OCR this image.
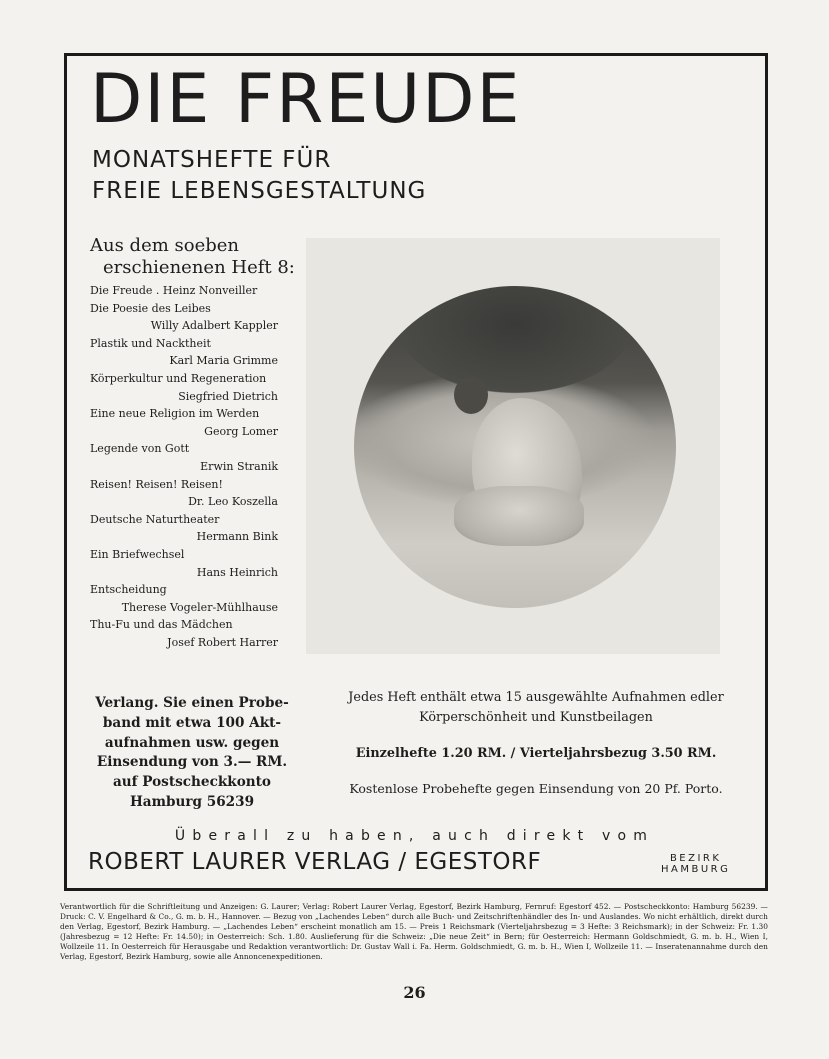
DIE FREUDE

MONATSHEFTE FÜR

FREIE LEBENSGESTALTUNG

Aus dem soeben
erschienenen Heft 8:
Die Freude . Heinz Nonveiller
Die Poesie des Leibes
Willy Adalbert Kappler
Plastik und Nacktheit
Karl Maria Grimme
Körperkultur und Regeneration
Siegfried Dietrich
Eine neue Religion im Werden
Georg Lomer
Legende von Gott
Erwin Stranik
Reisen! Reisen! Reisen!
Dr. Leo Koszella
Deutsche Naturtheater
Hermann Bink
Ein Briefwechsel
Hans Heinrich
Entscheidung
Therese Vogeler-Mühlhause
Thu-Fu und das Mädchen
Josef Robert Harrer
Verlang. Sie einen Probe-
band mit etwa 100 Akt-
aufnahmen usw. gegen
Einsendung von 3.— RM.
auf Postscheckkonto
Hamburg 56239
Jedes Heft enthält etwa 15 ausgewählte Aufnahmen edler
Körperschönheit und Kunstbeilagen
Einzelhefte 1.20 RM. / Vierteljahrsbezug 3.50 RM.
Kostenlose Probehefte gegen Einsendung von 20 Pf. Porto.
Überall zu haben, auch direkt vom
ROBERT LAURER VERLAG / EGESTORF	BEZIRK
HAMBURG
Verantwortlich für die Schriftleitung und Anzeigen: G. Laurer; Verlag: Robert Laurer Verlag, Egestorf, Bezirk Hamburg, Fernruf: Egestorf 452. — Postscheckkonto: Hamburg 56239. — Druck: C. V. Engelhard & Co., G. m. b. H., Hannover. — Bezug von „Lachendes Leben“ durch alle Buch- und Zeitschriftenhändler des In- und Auslandes. Wo nicht erhältlich, direkt durch den Verlag, Egestorf, Bezirk Hamburg. — „Lachendes Leben“ erscheint monatlich am 15. — Preis 1 Reichsmark (Vierteljahrsbezug = 3 Hefte: 3 Reichsmark); in der Schweiz: Fr. 1.30 (Jahresbezug = 12 Hefte: Fr. 14.50); in Oesterreich: Sch. 1.80. Auslieferung für die Schweiz: „Die neue Zeit“ in Bern; für Oesterreich: Hermann Goldschmiedt, G. m. b. H., Wien I, Wollzeile 11. In Oesterreich für Herausgabe und Redaktion verantwortlich: Dr. Gustav Wall i. Fa. Herm. Goldschmiedt, G. m. b. H., Wien I, Wollzeile 11. — Inseratenannahme durch den Verlag, Egestorf, Bezirk Hamburg, sowie alle Annoncenexpeditionen.
26
